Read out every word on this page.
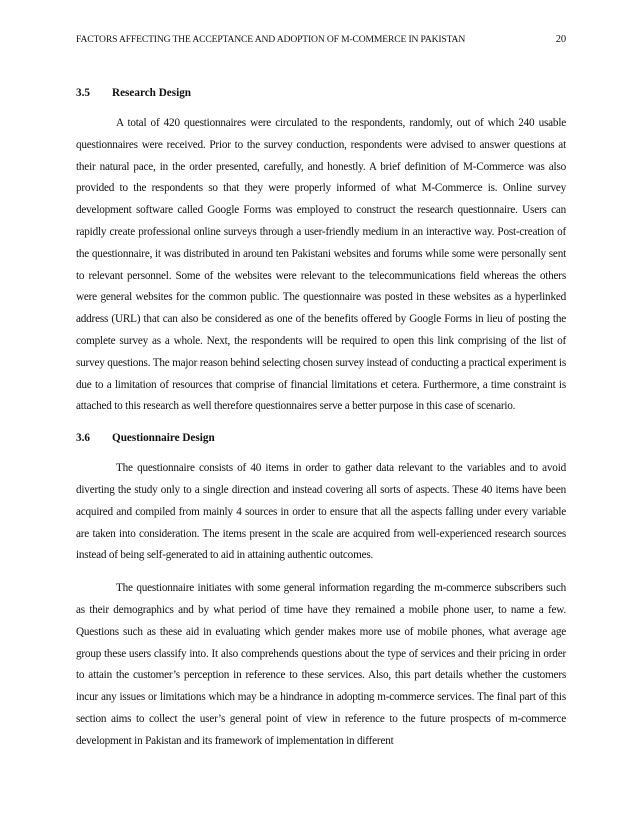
FACTORS AFFECTING THE ACCEPTANCE AND ADOPTION OF M-COMMERCE IN PAKISTAN	20
3.5 Research Design

A total of 420 questionnaires were circulated to the respondents, randomly, out of which 240 usable questionnaires were received. Prior to the survey conduction, respondents were advised to answer questions at their natural pace, in the order presented, carefully, and honestly. A brief definition of M-Commerce was also provided to the respondents so that they were properly informed of what M-Commerce is. Online survey development software called Google Forms was employed to construct the research questionnaire. Users can rapidly create professional online surveys through a user-friendly medium in an interactive way. Post-creation of the questionnaire, it was distributed in around ten Pakistani websites and forums while some were personally sent to relevant personnel. Some of the websites were relevant to the telecommunications field whereas the others were general websites for the common public. The questionnaire was posted in these websites as a hyperlinked address (URL) that can also be considered as one of the benefits offered by Google Forms in lieu of posting the complete survey as a whole. Next, the respondents will be required to open this link comprising of the list of survey questions. The major reason behind selecting chosen survey instead of conducting a practical experiment is due to a limitation of resources that comprise of financial limitations et cetera. Furthermore, a time constraint is attached to this research as well therefore questionnaires serve a better purpose in this case of scenario.

3.6 Questionnaire Design

The questionnaire consists of 40 items in order to gather data relevant to the variables and to avoid diverting the study only to a single direction and instead covering all sorts of aspects. These 40 items have been acquired and compiled from mainly 4 sources in order to ensure that all the aspects falling under every variable are taken into consideration. The items present in the scale are acquired from well-experienced research sources instead of being self-generated to aid in attaining authentic outcomes.

The questionnaire initiates with some general information regarding the m-commerce subscribers such as their demographics and by what period of time have they remained a mobile phone user, to name a few. Questions such as these aid in evaluating which gender makes more use of mobile phones, what average age group these users classify into. It also comprehends questions about the type of services and their pricing in order to attain the customer’s perception in reference to these services. Also, this part details whether the customers incur any issues or limitations which may be a hindrance in adopting m-commerce services. The final part of this section aims to collect the user’s general point of view in reference to the future prospects of m-commerce development in Pakistan and its framework of implementation in different
